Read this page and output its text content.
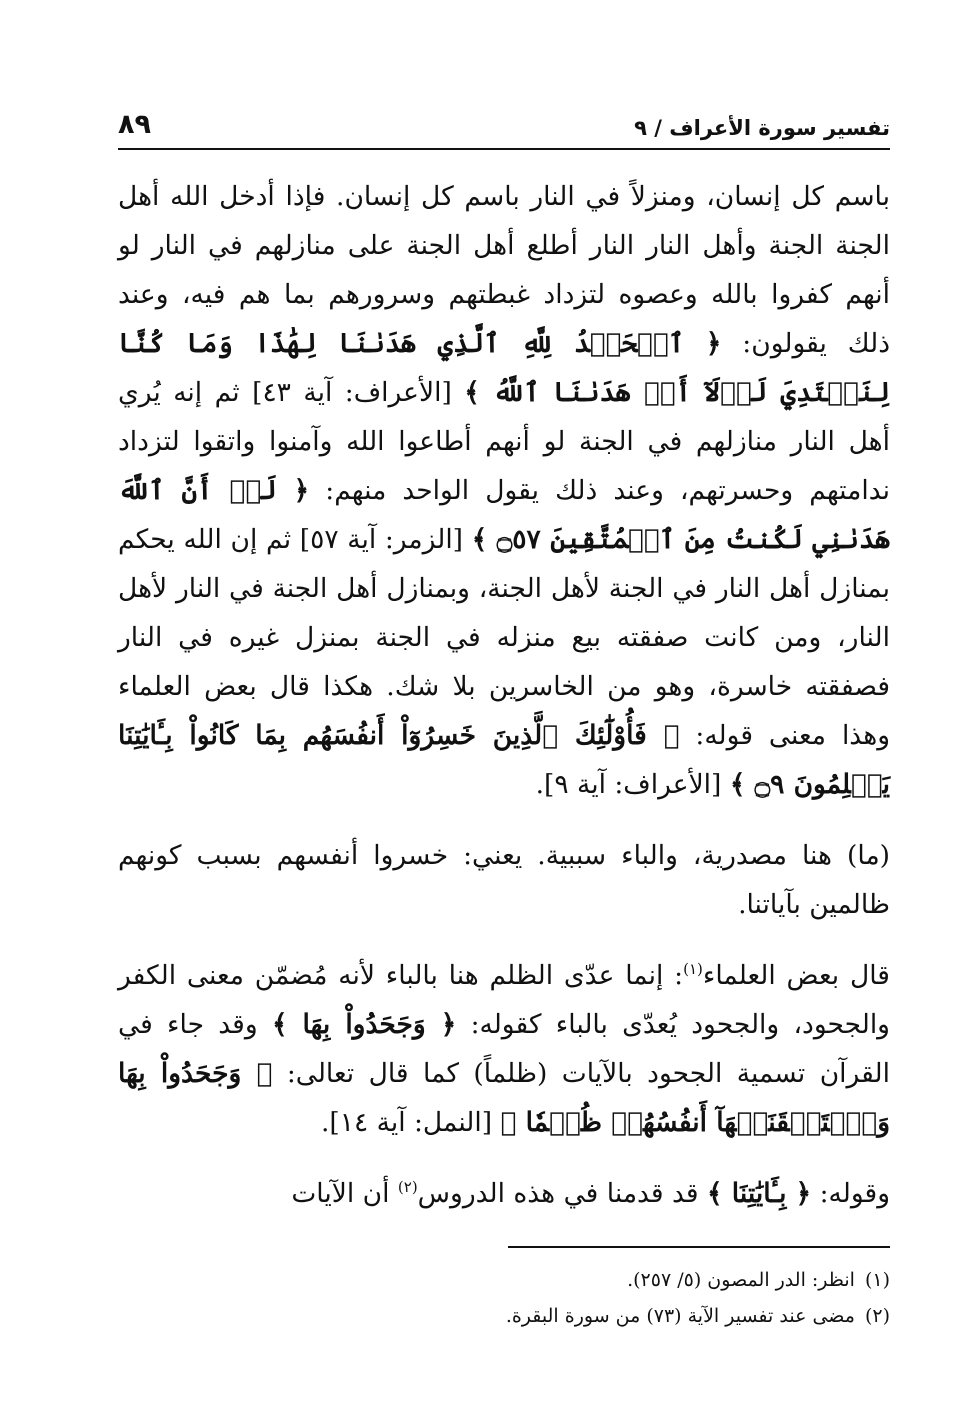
تفسير سورة الأعراف / ٩
٨٩

باسم كل إنسان، ومنزلاً في النار باسم كل إنسان. فإذا أدخل الله أهل الجنة الجنة وأهل النار النار أطلع أهل الجنة على منازلهم في النار لو أنهم كفروا بالله وعصوه لتزداد غبطتهم وسرورهم بما هم فيه، وعند ذلك يقولون: ﴿ ٱلۡحَمۡدُ لِلَّهِ ٱلَّذِي هَدَىٰنَا لِهَٰذَا وَمَا كُنَّا لِنَهۡتَدِيَ لَوۡلَآ أَنۡ هَدَىٰنَا ٱللَّهُ ﴾ [الأعراف: آية ٤٣] ثم إنه يُري أهل النار منازلهم في الجنة لو أنهم أطاعوا الله وآمنوا واتقوا لتزداد ندامتهم وحسرتهم، وعند ذلك يقول الواحد منهم: ﴿ لَوۡ أَنَّ ٱللَّهَ هَدَىٰنِي لَكُنتُ مِنَ ٱلۡمُتَّقِينَ ۝٥٧ ﴾ [الزمر: آية ٥٧] ثم إن الله يحكم بمنازل أهل النار في الجنة لأهل الجنة، وبمنازل أهل الجنة في النار لأهل النار، ومن كانت صفقته بيع منزله في الجنة بمنزل غيره في النار فصفقته خاسرة، وهو من الخاسرين بلا شك. هكذا قال بعض العلماء وهذا معنى قوله: ﴿ فَأُوْلَٰٓئِكَ ٱلَّذِينَ خَسِرُوٓاْ أَنفُسَهُم بِمَا كَانُواْ بِـَٔايَٰتِنَا يَظۡلِمُونَ ۝٩ ﴾ [الأعراف: آية ٩].

(ما) هنا مصدرية، والباء سببية. يعني: خسروا أنفسهم بسبب كونهم ظالمين بآياتنا.

قال بعض العلماء$^{(١)}$: إنما عدّى الظلم هنا بالباء لأنه مُضمّن معنى الكفر والجحود، والجحود يُعدّى بالباء كقوله: ﴿ وَجَحَدُواْ بِهَا ﴾ وقد جاء في القرآن تسمية الجحود بالآيات (ظلماً) كما قال تعالى: ﴿ وَجَحَدُواْ بِهَا وَٱسۡتَيۡقَنَتۡهَآ أَنفُسُهُمۡ ظُلۡمٗا ﴾ [النمل: آية ١٤].

وقوله: ﴿ بِـَٔايَٰتِنَا ﴾ قد قدمنا في هذه الدروس$^{(٢)}$ أن الآيات

(١)انظر: الدر المصون (٥/ ٢٥٧).

(٢)مضى عند تفسير الآية (٧٣) من سورة البقرة.
